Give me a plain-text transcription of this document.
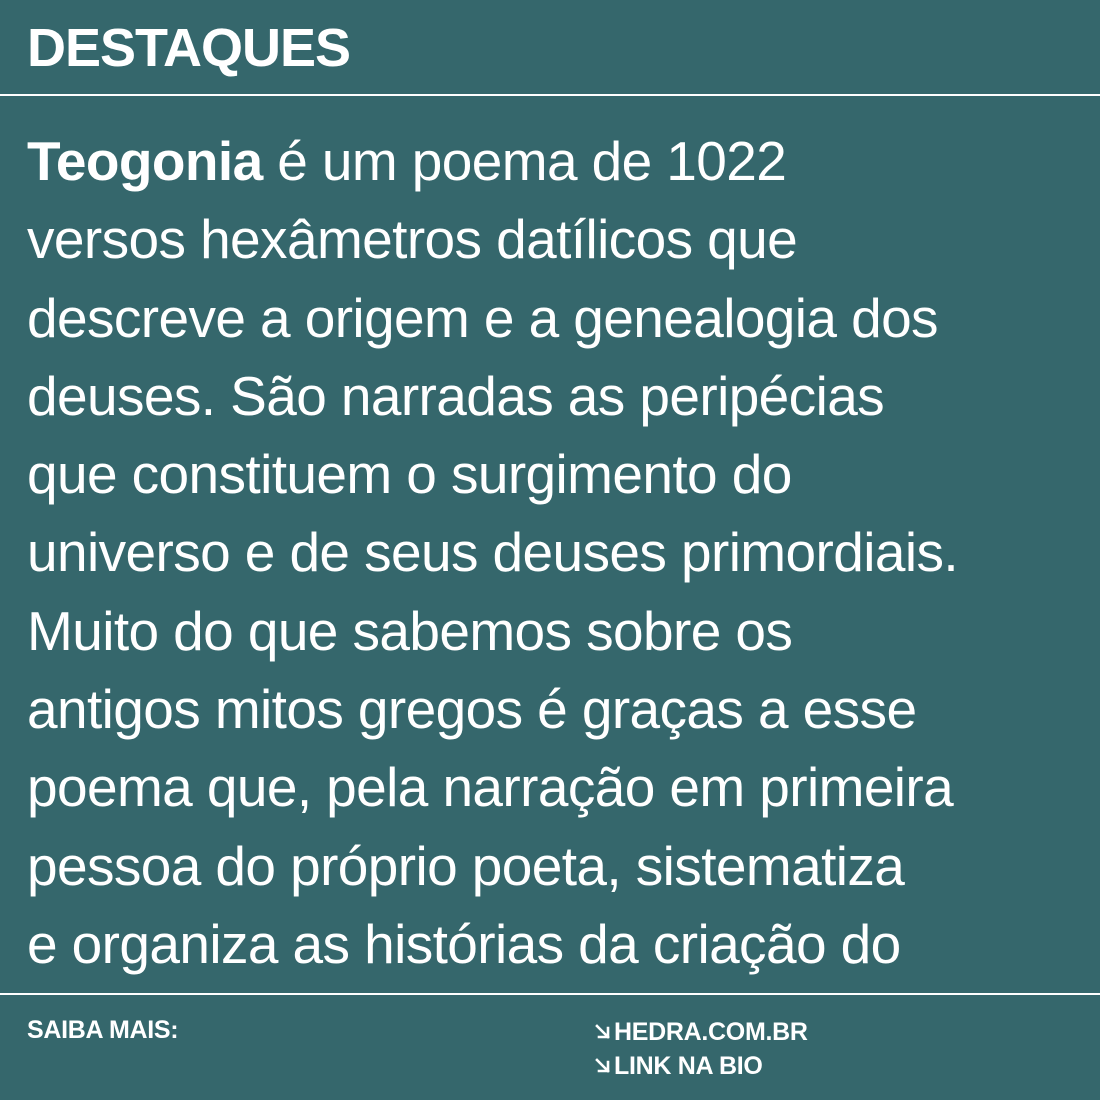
DESTAQUES
Teogonia é um poema de 1022
versos hexâmetros datílicos que
descreve a origem e a genealogia dos
deuses. São narradas as peripécias
que constituem o surgimento do
universo e de seus deuses primordiais.
Muito do que sabemos sobre os
antigos mitos gregos é graças a esse
poema que, pela narração em primeira
pessoa do próprio poeta, sistematiza
e organiza as histórias da criação do
SAIBA MAIS:	HEDRA.COM.BR
LINK NA BIO
